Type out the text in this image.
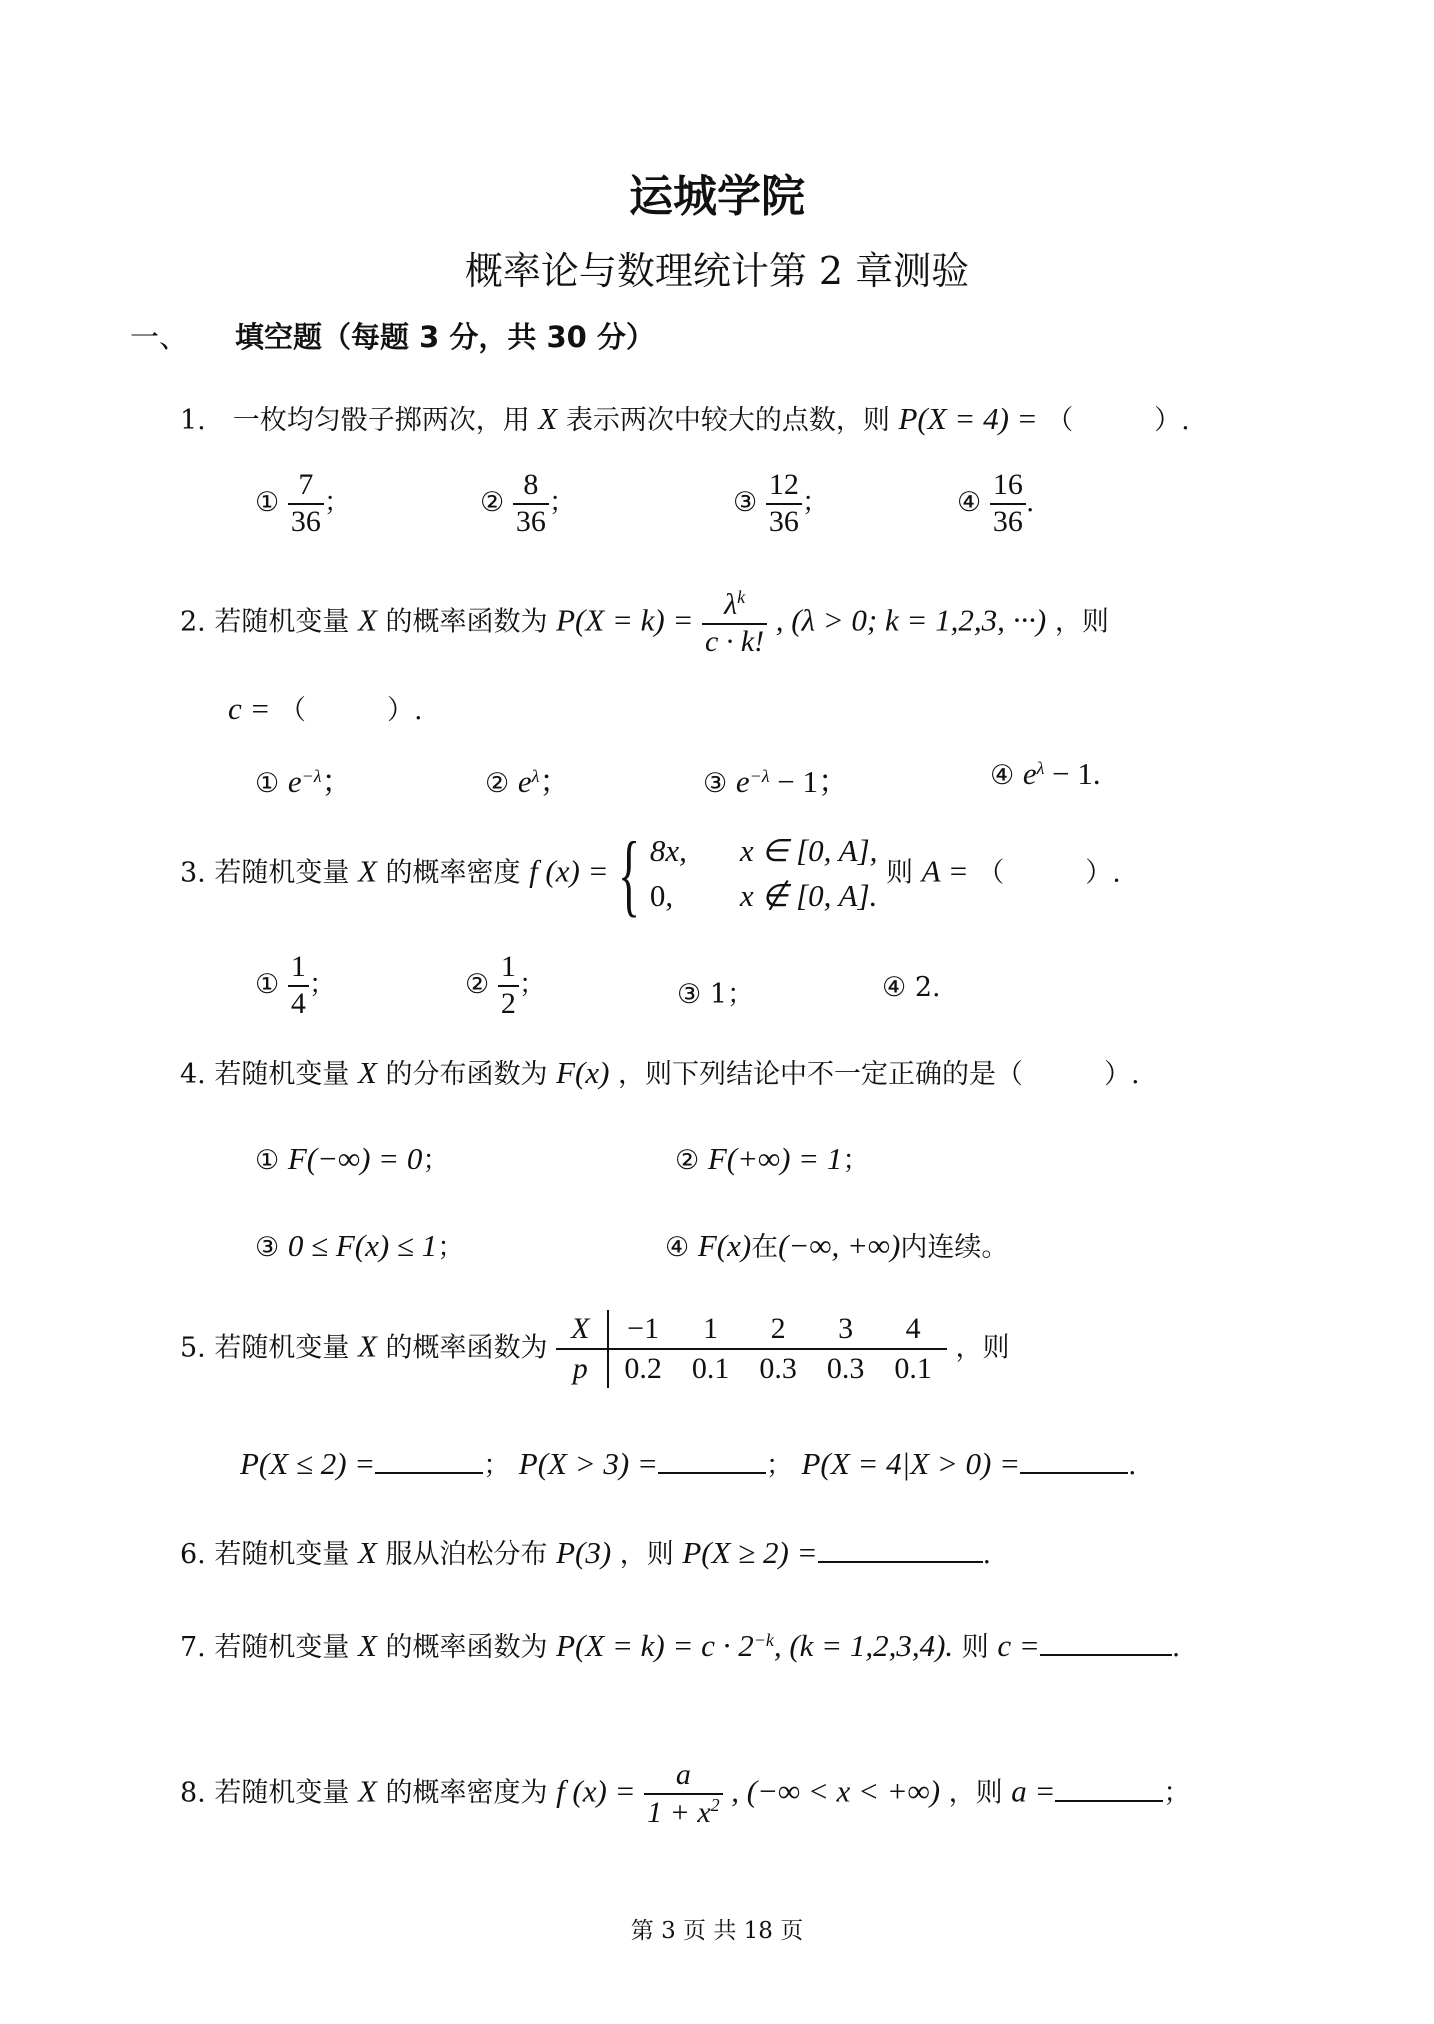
运城学院
概率论与数理统计第 2 章测验
一、 填空题（每题 3 分，共 30 分）
1.　一枚均匀骰子掷两次，用 X 表示两次中较大的点数，则 P(X = 4) = （　　　）.
① $\frac{7}{36}$ ；	② $\frac{8}{36}$ ；	③ $\frac{12}{36}$ ；	④ $\frac{16}{36}$ .
2. 若随机变量 X 的概率函数为 $P(X = k) = \frac{\lambda^k}{c \cdot k!}$ , (λ > 0; k = 1,2,3, ···) ，则
c = （　　　）.
① $e^{-\lambda}$；	② $e^\lambda$；	③ $e^{-\lambda} - 1$；	④ $e^\lambda - 1$.
3. 若随机变量 X 的概率密度 f (x) = { 8x, x ∈ [0, A],
0, x ∉ [0, A].
则 A = （　　　）.
① $\frac{1}{4}$ ；	② $\frac{1}{2}$ ；	③ 1；	④ 2.
4. 若随机变量 X 的分布函数为 F(x) ，则下列结论中不一定正确的是（　　　）.
① F(−∞) = 0；	② F(+∞) = 1；
③ 0 ≤ F(x) ≤ 1；	④ F(x)在(−∞, +∞)内连续。
5. 若随机变量 X 的概率函数为 X	−1	1	2	3	4
p	0.2	0.1	0.3	0.3	0.1 ，则
P(X ≤ 2) =	； P(X > 3) =	； P(X = 4|X > 0) =	.
6. 若随机变量 X 服从泊松分布 P(3) ，则 P(X ≥ 2) =	.
7. 若随机变量 X 的概率函数为 $P(X = k) = c \cdot 2^{-k}$, (k = 1,2,3,4). 则 c =	.
8. 若随机变量 X 的概率密度为 f $(x) = \frac{a}{1 + x^2}$ , (−∞ < x < +∞) ，则 a =	；
第 3 页 共 18 页
